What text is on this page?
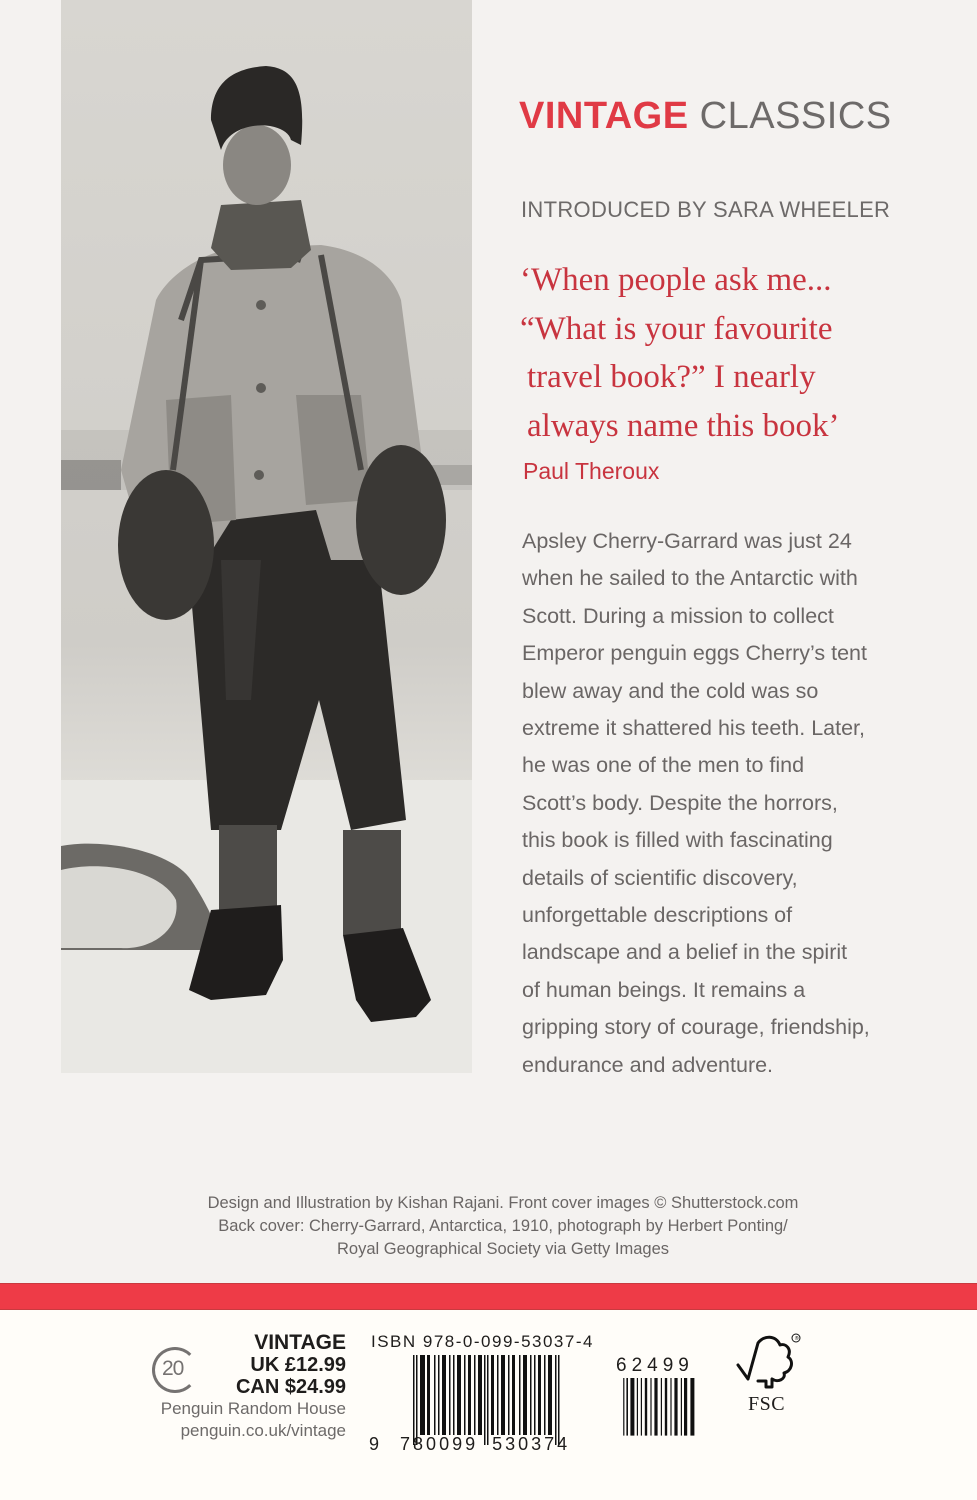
VINTAGE CLASSICS
INTRODUCED BY SARA WHEELER
‘When people ask me...
“What is your favourite
travel book?” I nearly
always name this book’
Paul Theroux
Apsley Cherry-Garrard was just 24
when he sailed to the Antarctic with
Scott. During a mission to collect
Emperor penguin eggs Cherry’s tent
blew away and the cold was so
extreme it shattered his teeth. Later,
he was one of the men to find
Scott’s body. Despite the horrors,
this book is filled with fascinating
details of scientific discovery,
unforgettable descriptions of
landscape and a belief in the spirit
of human beings. It remains a
gripping story of courage, friendship,
endurance and adventure.
Design and Illustration by Kishan Rajani. Front cover images © Shutterstock.com
Back cover: Cherry-Garrard, Antarctica, 1910, photograph by Herbert Ponting/
Royal Geographical Society via Getty Images
20
VINTAGE
UK £12.99
CAN $24.99
Penguin Random House
penguin.co.uk/vintage
ISBN 978-0-099-53037-4
9 780099 530374
62499
®
FSC
